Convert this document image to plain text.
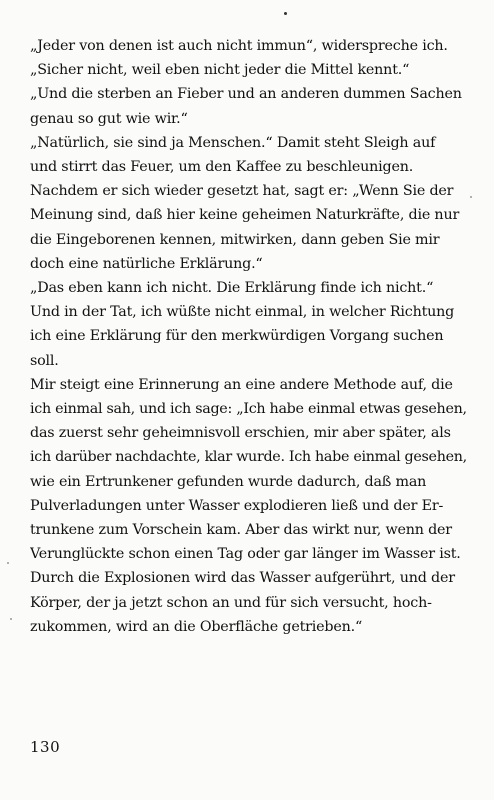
„Jeder von denen ist auch nicht immun“, widerspreche ich.
„Sicher nicht, weil eben nicht jeder die Mittel kennt.“
„Und die sterben an Fieber und an anderen dummen Sachen
genau so gut wie wir.“
„Natürlich, sie sind ja Menschen.“ Damit steht Sleigh auf
und stirrt das Feuer, um den Kaffee zu beschleunigen.
Nachdem er sich wieder gesetzt hat, sagt er: „Wenn Sie der
Meinung sind, daß hier keine geheimen Naturkräfte, die nur
die Eingeborenen kennen, mitwirken, dann geben Sie mir
doch eine natürliche Erklärung.“
„Das eben kann ich nicht. Die Erklärung finde ich nicht.“
Und in der Tat, ich wüßte nicht einmal, in welcher Richtung
ich eine Erklärung für den merkwürdigen Vorgang suchen
soll.
Mir steigt eine Erinnerung an eine andere Methode auf, die
ich einmal sah, und ich sage: „Ich habe einmal etwas gesehen,
das zuerst sehr geheimnisvoll erschien, mir aber später, als
ich darüber nachdachte, klar wurde. Ich habe einmal gesehen,
wie ein Ertrunkener gefunden wurde dadurch, daß man
Pulverladungen unter Wasser explodieren ließ und der Er-
trunkene zum Vorschein kam. Aber das wirkt nur, wenn der
Verunglückte schon einen Tag oder gar länger im Wasser ist.
Durch die Explosionen wird das Wasser aufgerührt, und der
Körper, der ja jetzt schon an und für sich versucht, hoch-
zukommen, wird an die Oberfläche getrieben.“
130
